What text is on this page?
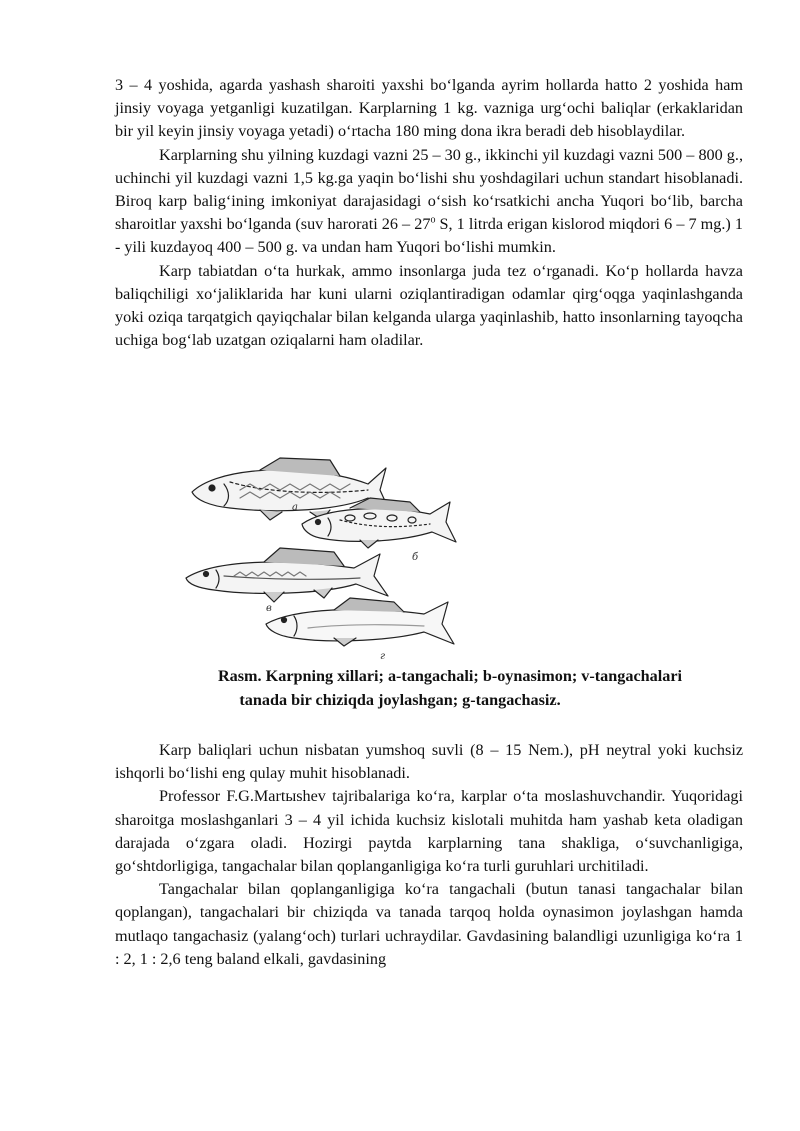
3 – 4 yoshida, agarda yashash sharoiti yaxshi bo‘lganda ayrim hollarda hatto 2 yoshida ham jinsiy voyaga yetganligi kuzatilgan. Karplarning 1 kg. vazniga urg‘ochi baliqlar (erkaklaridan bir yil keyin jinsiy voyaga yetadi) o‘rtacha 180 ming dona ikra beradi deb hisoblaydilar.

Karplarning shu yilning kuzdagi vazni 25 – 30 g., ikkinchi yil kuzdagi vazni 500 – 800 g., uchinchi yil kuzdagi vazni 1,5 kg.ga yaqin bo‘lishi shu yoshdagilari uchun standart hisoblanadi. Biroq karp balig‘ining imkoniyat darajasidagi o‘sish ko‘rsatkichi ancha Yuqori bo‘lib, barcha sharoitlar yaxshi bo‘lganda (suv harorati 26 – 27$^o$ S, 1 litrda erigan kislorod miqdori 6 – 7 mg.) 1 - yili kuzdayoq 400 – 500 g. va undan ham Yuqori bo‘lishi mumkin.

Karp tabiatdan o‘ta hurkak, ammo insonlarga juda tez o‘rganadi. Ko‘p hollarda havza baliqchiligi xo‘jaliklarida har kuni ularni oziqlantiradigan odamlar qirg‘oqga yaqinlashganda yoki oziqa tarqatgich qayiqchalar bilan kelganda ularga yaqinlashib, hatto insonlarning tayoqcha uchiga bog‘lab uzatgan oziqalarni ham oladilar.

а
б
в
г
Rasm. Karpning xillari; a-tangachali; b-oynasimon; v-tangachalari
tanada bir chiziqda joylashgan; g-tangachasiz.

Karp baliqlari uchun nisbatan yumshoq suvli (8 – 15 Nem.), pH neytral yoki kuchsiz ishqorli bo‘lishi eng qulay muhit hisoblanadi.

Professor F.G.Martыshev tajribalariga ko‘ra, karplar o‘ta moslashuvchandir. Yuqoridagi sharoitga moslashganlari 3 – 4 yil ichida kuchsiz kislotali muhitda ham yashab keta oladigan darajada o‘zgara oladi. Hozirgi paytda karplarning tana shakliga, o‘suvchanligiga, go‘shtdorligiga, tangachalar bilan qoplanganligiga ko‘ra turli guruhlari urchitiladi.

Tangachalar bilan qoplanganligiga ko‘ra tangachali (butun tanasi tangachalar bilan qoplangan), tangachalari bir chiziqda va tanada tarqoq holda oynasimon joylashgan hamda mutlaqo tangachasiz (yalang‘och) turlari uchraydilar. Gavdasining balandligi uzunligiga ko‘ra 1 : 2, 1 : 2,6 teng baland elkali, gavdasining
